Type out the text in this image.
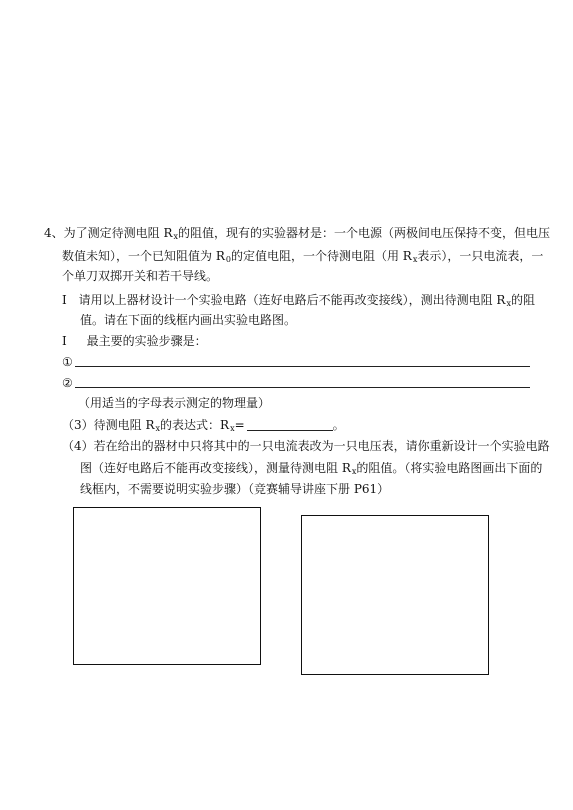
4、为了测定待测电阻 $R_x$的阻值，现有的实验器材是：一个电源（两极间电压保持不变，但电压
数值未知），一个已知阻值为 $R_0$的定值电阻，一个待测电阻（用 $R_x$表示），一只电流表，一
个单刀双掷开关和若干导线。
Ⅰ 请用以上器材设计一个实验电路（连好电路后不能再改变接线），测出待测电阻 $R_x$的阻
值。请在下面的线框内画出实验电路图。
Ⅰ 最主要的实验步骤是：
①
②
（用适当的字母表示测定的物理量）
（3）待测电阻 $R_x$的表达式：$R_x=$	。
（4）若在给出的器材中只将其中的一只电流表改为一只电压表，请你重新设计一个实验电路
图（连好电路后不能再改变接线），测量待测电阻 $R_x$的阻值。（将实验电路图画出下面的
线框内，不需要说明实验步骤）（竞赛辅导讲座下册 P61）
